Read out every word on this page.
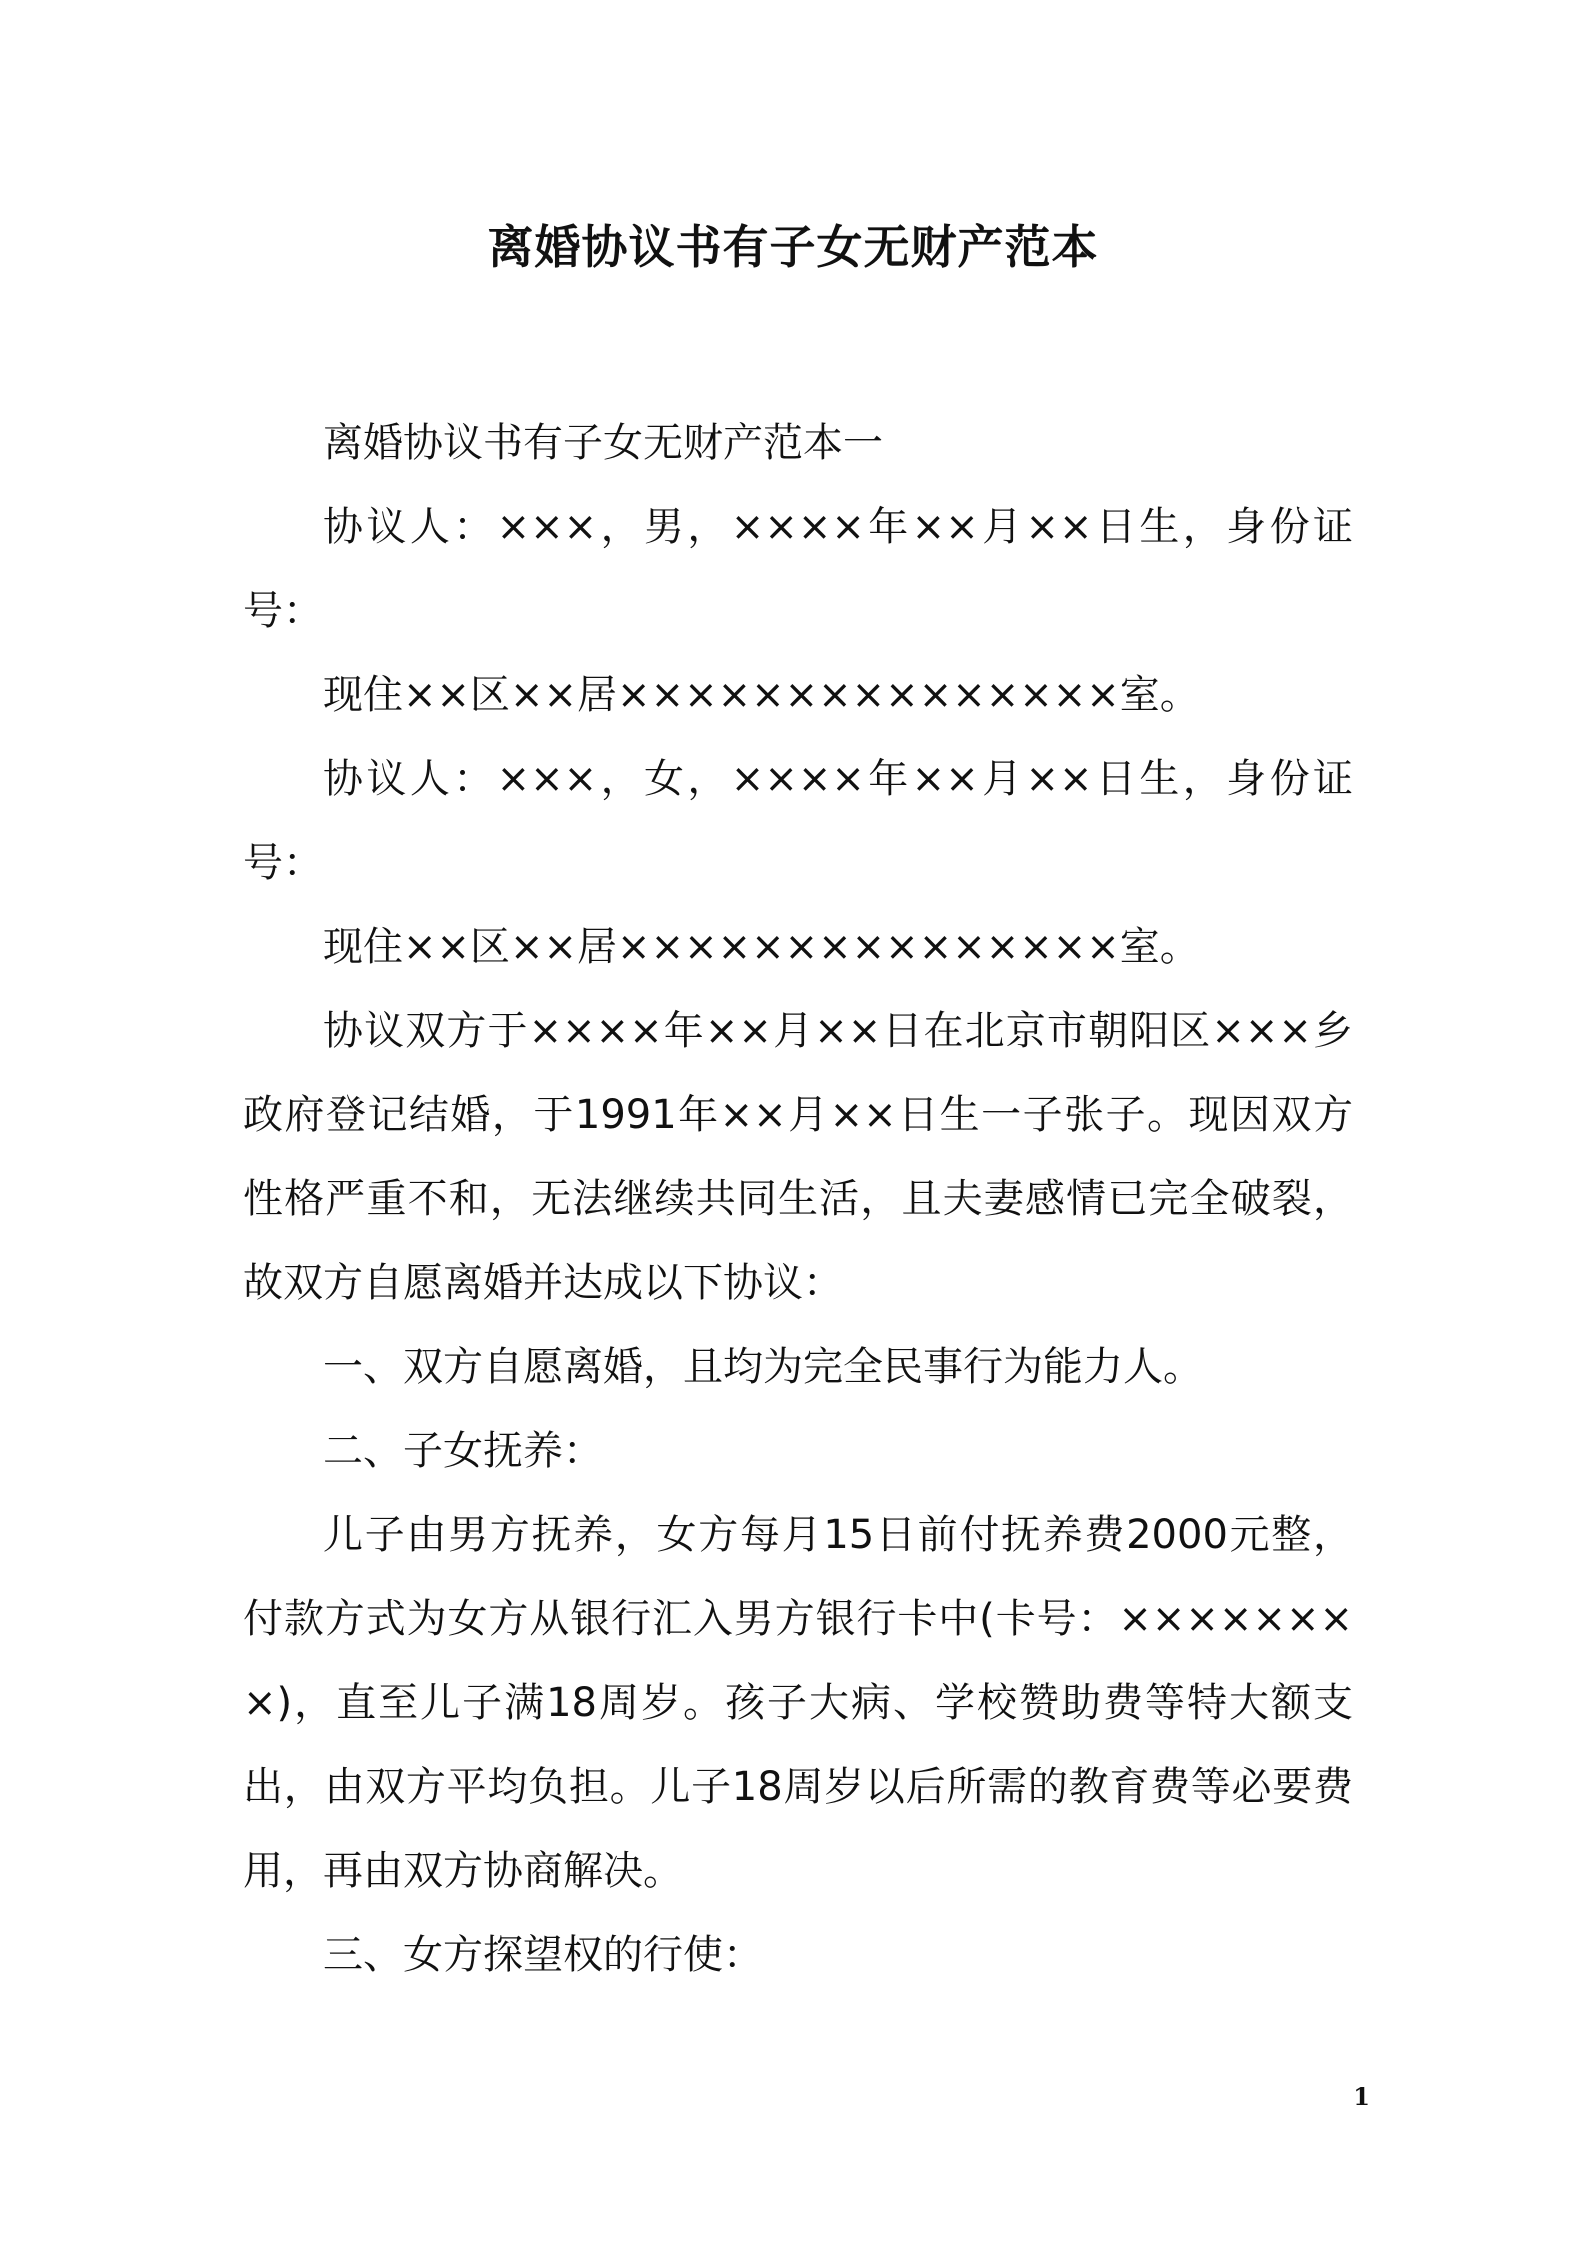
离婚协议书有子女无财产范本

离婚协议书有子女无财产范本一

协议人：×××，男，××××年××月××日生，身份证号：

现住××区××居×××××××××××××××室。

协议人：×××，女，××××年××月××日生，身份证号：

现住××区××居×××××××××××××××室。

协议双方于××××年××月××日在北京市朝阳区×××乡政府登记结婚，于1991年××月××日生一子张子。现因双方性格严重不和，无法继续共同生活，且夫妻感情已完全破裂，故双方自愿离婚并达成以下协议：

一、双方自愿离婚，且均为完全民事行为能力人。

二、子女抚养：

儿子由男方抚养，女方每月15日前付抚养费2000元整，付款方式为女方从银行汇入男方银行卡中(卡号：××××××××)，直至儿子满18周岁。孩子大病、学校赞助费等特大额支出，由双方平均负担。儿子18周岁以后所需的教育费等必要费用，再由双方协商解决。

三、女方探望权的行使：

1
